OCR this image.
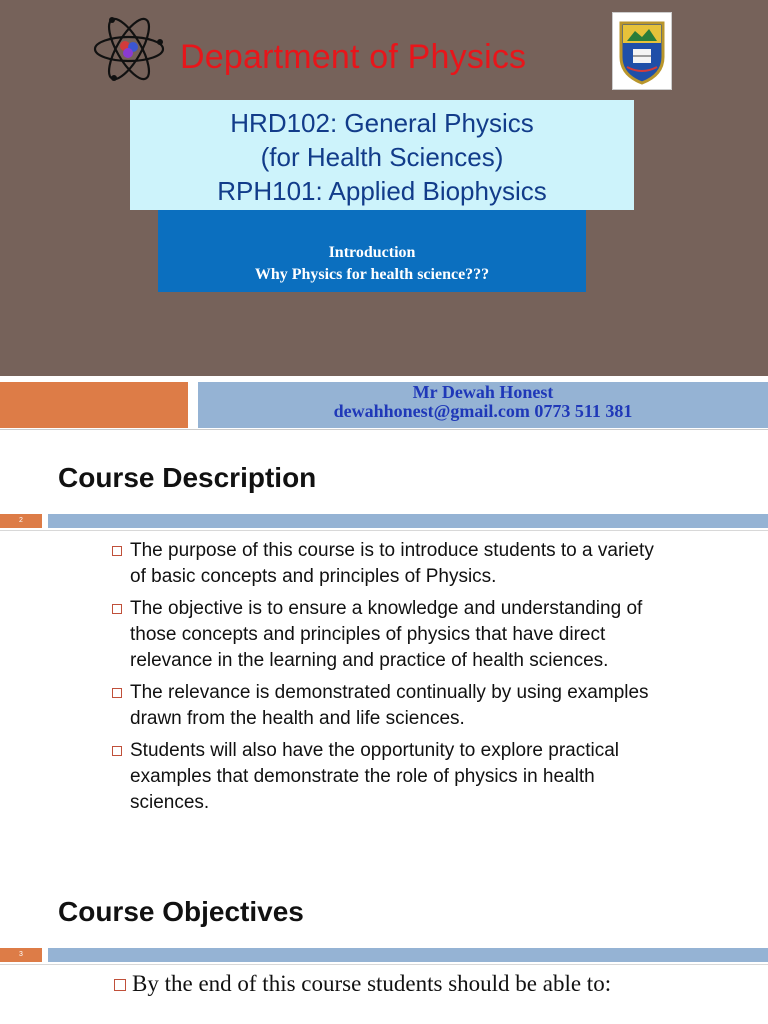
Department of Physics
HRD102: General Physics
(for Health Sciences)
RPH101: Applied Biophysics
Introduction
Why Physics for health science???
Mr Dewah Honest
dewahhonest@gmail.com 0773 511 381
Course Description
2
The purpose of this course is to introduce students to a variety of basic concepts and principles of Physics.
The objective is to ensure a knowledge and understanding of those concepts and principles of physics that have direct relevance in the learning and practice of health sciences.
The relevance is demonstrated continually by using examples drawn from the health and life sciences.
Students will also have the opportunity to explore practical examples that demonstrate the role of physics in health sciences.
Course Objectives
3
By the end of this course students should be able to:
